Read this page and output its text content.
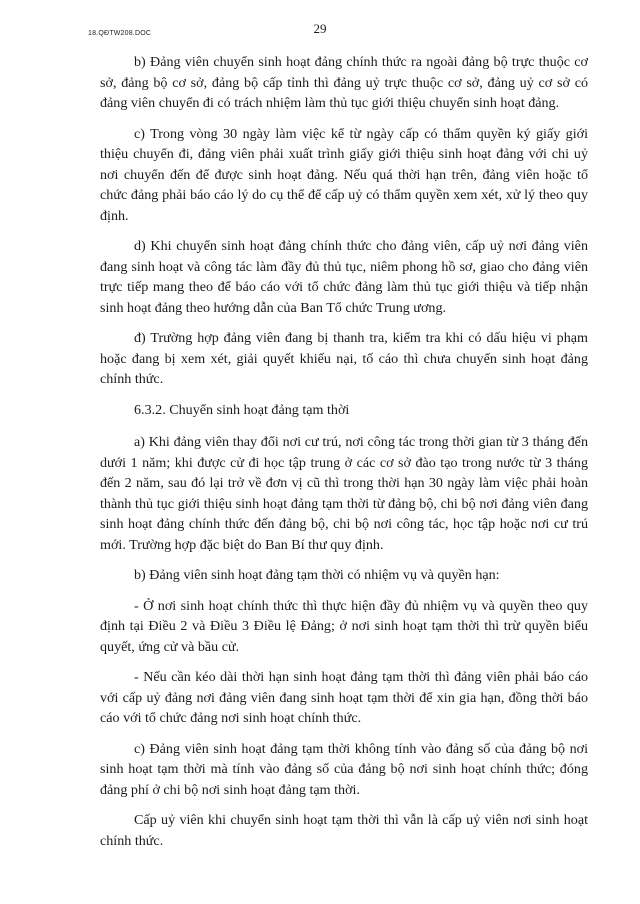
18.QĐTW208.DOC	29

b) Đảng viên chuyển sinh hoạt đảng chính thức ra ngoài đảng bộ trực thuộc cơ sở, đảng bộ cơ sở, đảng bộ cấp tỉnh thì đảng uỷ trực thuộc cơ sở, đảng uỷ cơ sở có đảng viên chuyển đi có trách nhiệm làm thủ tục giới thiệu chuyển sinh hoạt đảng.

c) Trong vòng 30 ngày làm việc kể từ ngày cấp có thẩm quyền ký giấy giới thiệu chuyển đi, đảng viên phải xuất trình giấy giới thiệu sinh hoạt đảng với chi uỷ nơi chuyển đến để được sinh hoạt đảng. Nếu quá thời hạn trên, đảng viên hoặc tổ chức đảng phải báo cáo lý do cụ thể để cấp uỷ có thẩm quyền xem xét, xử lý theo quy định.

d) Khi chuyển sinh hoạt đảng chính thức cho đảng viên, cấp uỷ nơi đảng viên đang sinh hoạt và công tác làm đầy đủ thủ tục, niêm phong hồ sơ, giao cho đảng viên trực tiếp mang theo để báo cáo với tổ chức đảng làm thủ tục giới thiệu và tiếp nhận sinh hoạt đảng theo hướng dẫn của Ban Tổ chức Trung ương.

đ) Trường hợp đảng viên đang bị thanh tra, kiểm tra khi có dấu hiệu vi phạm hoặc đang bị xem xét, giải quyết khiếu nại, tố cáo thì chưa chuyển sinh hoạt đảng chính thức.

6.3.2. Chuyển sinh hoạt đảng tạm thời

a) Khi đảng viên thay đổi nơi cư trú, nơi công tác trong thời gian từ 3 tháng đến dưới 1 năm; khi được cử đi học tập trung ở các cơ sở đào tạo trong nước từ 3 tháng đến 2 năm, sau đó lại trở về đơn vị cũ thì trong thời hạn 30 ngày làm việc phải hoàn thành thủ tục giới thiệu sinh hoạt đảng tạm thời từ đảng bộ, chi bộ nơi đảng viên đang sinh hoạt đảng chính thức đến đảng bộ, chi bộ nơi công tác, học tập hoặc nơi cư trú mới. Trường hợp đặc biệt do Ban Bí thư quy định.

b) Đảng viên sinh hoạt đảng tạm thời có nhiệm vụ và quyền hạn:

- Ở nơi sinh hoạt chính thức thì thực hiện đầy đủ nhiệm vụ và quyền theo quy định tại Điều 2 và Điều 3 Điều lệ Đảng; ở nơi sinh hoạt tạm thời thì trừ quyền biểu quyết, ứng cử và bầu cử.

- Nếu cần kéo dài thời hạn sinh hoạt đảng tạm thời thì đảng viên phải báo cáo với cấp uỷ đảng nơi đảng viên đang sinh hoạt tạm thời để xin gia hạn, đồng thời báo cáo với tổ chức đảng nơi sinh hoạt chính thức.

c) Đảng viên sinh hoạt đảng tạm thời không tính vào đảng số của đảng bộ nơi sinh hoạt tạm thời mà tính vào đảng số của đảng bộ nơi sinh hoạt chính thức; đóng đảng phí ở chi bộ nơi sinh hoạt đảng tạm thời.

Cấp uỷ viên khi chuyển sinh hoạt tạm thời thì vẫn là cấp uỷ viên nơi sinh hoạt chính thức.
